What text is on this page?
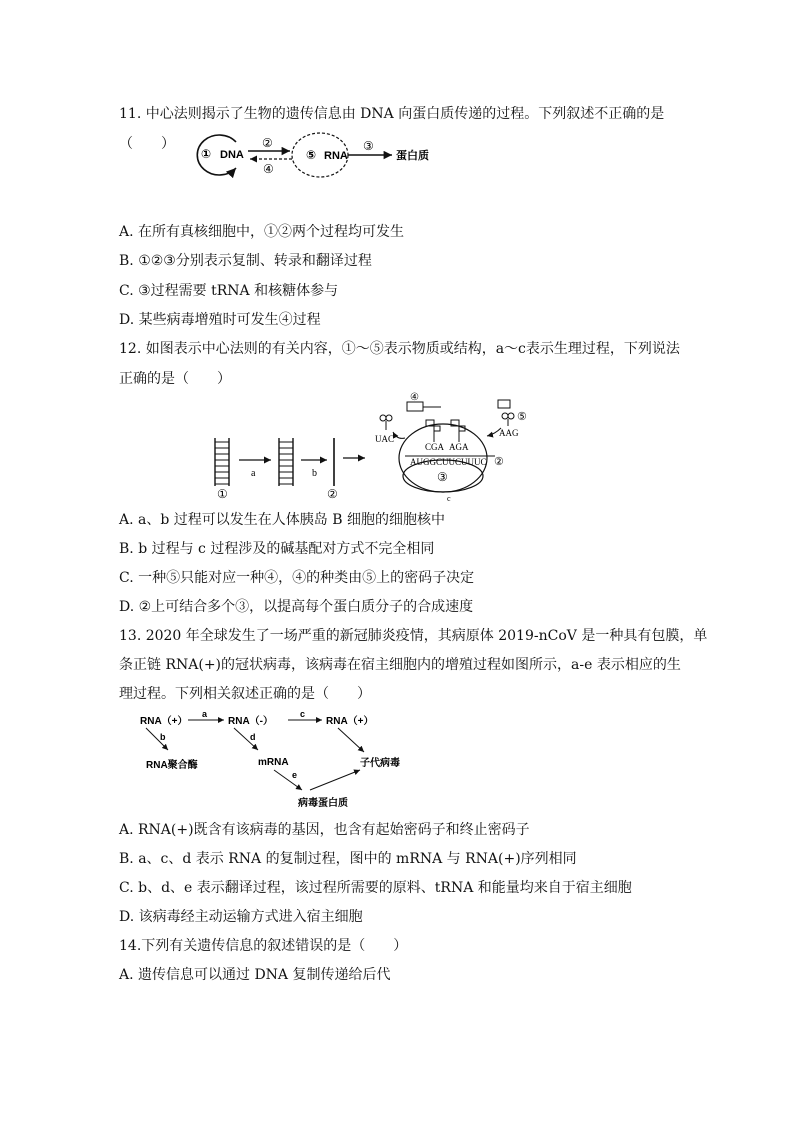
11. 中心法则揭示了生物的遗传信息由 DNA 向蛋白质传递的过程。下列叙述不正确的是
（　　）
① DNA
②
④
⑤ RNA
③
蛋白质
A. 在所有真核细胞中，①②两个过程均可发生
B. ①②③分别表示复制、转录和翻译过程
C. ③过程需要 tRNA 和核糖体参与
D. 某些病毒增殖时可发生④过程
12. 如图表示中心法则的有关内容，①～⑤表示物质或结构，a～c表示生理过程，下列说法
正确的是（　　）
①
a	b
②
③
c
AUGGCUUCUUUC ②
CGA AGA
④
UAC
⑤
AAG
A. a、b 过程可以发生在人体胰岛 B 细胞的细胞核中
B. b 过程与 c 过程涉及的碱基配对方式不完全相同
C. 一种⑤只能对应一种④，④的种类由⑤上的密码子决定
D. ②上可结合多个③，以提高每个蛋白质分子的合成速度
13. 2020 年全球发生了一场严重的新冠肺炎疫情，其病原体 2019-nCoV 是一种具有包膜，单
条正链 RNA(+)的冠状病毒，该病毒在宿主细胞内的增殖过程如图所示，a-e 表示相应的生
理过程。下列相关叙述正确的是（　　）
RNA（+）
a
RNA（-）
c
RNA（+）
b
RNA聚合酶
d
mRNA	子代病毒
e
病毒蛋白质
A. RNA(+)既含有该病毒的基因，也含有起始密码子和终止密码子
B. a、c、d 表示 RNA 的复制过程，图中的 mRNA 与 RNA(+)序列相同
C. b、d、e 表示翻译过程，该过程所需要的原料、tRNA 和能量均来自于宿主细胞
D. 该病毒经主动运输方式进入宿主细胞
14.下列有关遗传信息的叙述错误的是（　　）
A. 遗传信息可以通过 DNA 复制传递给后代
